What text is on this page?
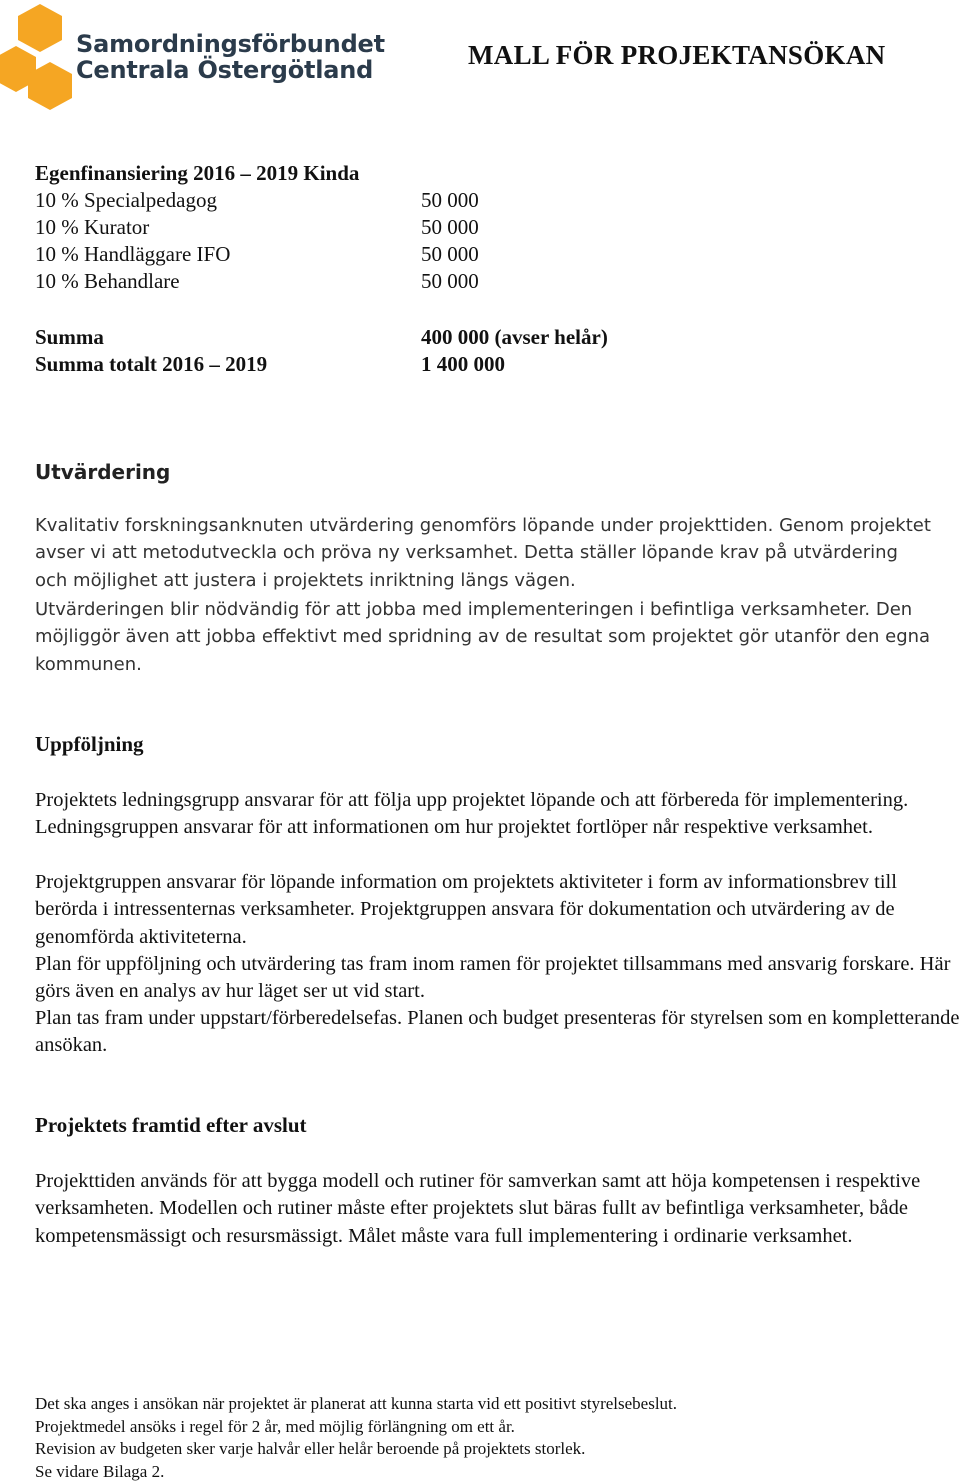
Samordningsförbundet
Centrala Östergötland	MALL FÖR PROJEKTANSÖKAN
Egenfinansiering 2016 – 2019 Kinda
10 % Specialpedagog	50 000
10 % Kurator	50 000
10 % Handläggare IFO	50 000
10 % Behandlare	50 000
Summa	400 000 (avser helår)
Summa totalt 2016 – 2019	1 400 000
Utvärdering
Kvalitativ forskningsanknuten utvärdering genomförs löpande under projekttiden. Genom projektet avser vi att metodutveckla och pröva ny verksamhet. Detta ställer löpande krav på utvärdering och möjlighet att justera i projektets inriktning längs vägen.
Utvärderingen blir nödvändig för att jobba med implementeringen i befintliga verksamheter. Den möjliggör även att jobba effektivt med spridning av de resultat som projektet gör utanför den egna kommunen.
Uppföljning
Projektets ledningsgrupp ansvarar för att följa upp projektet löpande och att förbereda för implementering. Ledningsgruppen ansvarar för att informationen om hur projektet fortlöper når respektive verksamhet.
Projektgruppen ansvarar för löpande information om projektets aktiviteter i form av informationsbrev till berörda i intressenternas verksamheter. Projektgruppen ansvara för dokumentation och utvärdering av de genomförda aktiviteterna.
Plan för uppföljning och utvärdering tas fram inom ramen för projektet tillsammans med ansvarig forskare. Här görs även en analys av hur läget ser ut vid start.
Plan tas fram under uppstart/förberedelsefas. Planen och budget presenteras för styrelsen som en kompletterande ansökan.
Projektets framtid efter avslut
Projekttiden används för att bygga modell och rutiner för samverkan samt att höja kompetensen i respektive verksamheten. Modellen och rutiner måste efter projektets slut bäras fullt av befintliga verksamheter, både kompetensmässigt och resursmässigt. Målet måste vara full implementering i ordinarie verksamhet.
Det ska anges i ansökan när projektet är planerat att kunna starta vid ett positivt styrelsebeslut.
Projektmedel ansöks i regel för 2 år, med möjlig förlängning om ett år.
Revision av budgeten sker varje halvår eller helår beroende på projektets storlek.
Se vidare Bilaga 2.
